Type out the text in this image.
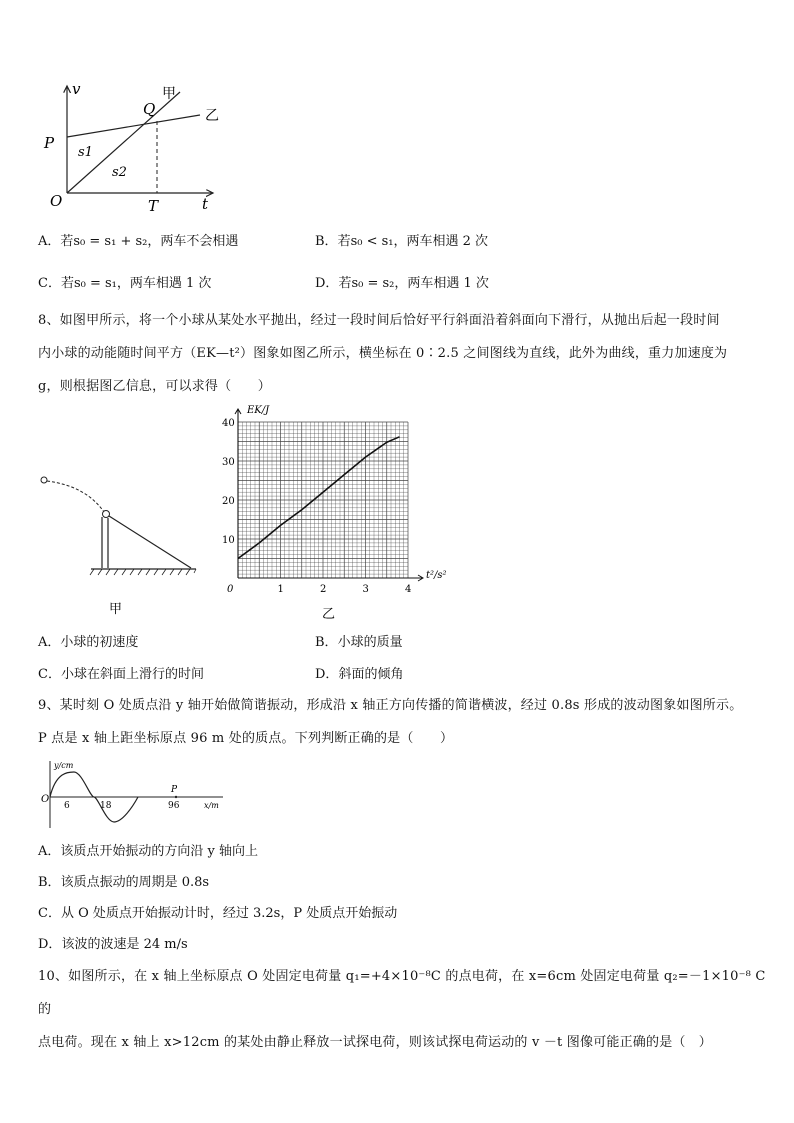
v
t
O
P
Q
T
甲
乙
s1
s2
A．若s₀ = s₁ + s₂，两车不会相遇	B．若s₀ < s₁，两车相遇 2 次
C．若s₀ = s₁，两车相遇 1 次	D．若s₀ = s₂，两车相遇 1 次
8、如图甲所示，将一个小球从某处水平抛出，经过一段时间后恰好平行斜面沿着斜面向下滑行，从抛出后起一段时间
内小球的动能随时间平方（EK—t²）图象如图乙所示，横坐标在 0∶2.5 之间图线为直线，此外为曲线，重力加速度为
g，则根据图乙信息，可以求得（　　）
甲
1	2	3	4
10
20
30
40
EK/J
t²/s²
0
乙
A．小球的初速度	B．小球的质量
C．小球在斜面上滑行的时间	D．斜面的倾角
9、某时刻 O 处质点沿 y 轴开始做简谐振动，形成沿 x 轴正方向传播的简谐横波，经过 0.8s 形成的波动图象如图所示。
P 点是 x 轴上距坐标原点 96 m 处的质点。下列判断正确的是（　　）
y/cm
x/m
O
6	18
P
96
A．该质点开始振动的方向沿 y 轴向上
B．该质点振动的周期是 0.8s
C．从 O 处质点开始振动计时，经过 3.2s，P 处质点开始振动
D．该波的波速是 24 m/s
10、如图所示，在 x 轴上坐标原点 O 处固定电荷量 q₁=+4×10⁻⁸C 的点电荷，在 x=6cm 处固定电荷量 q₂=－1×10⁻⁸ C 的
点电荷。现在 x 轴上 x>12cm 的某处由静止释放一试探电荷，则该试探电荷运动的 v －t 图像可能正确的是（　）
